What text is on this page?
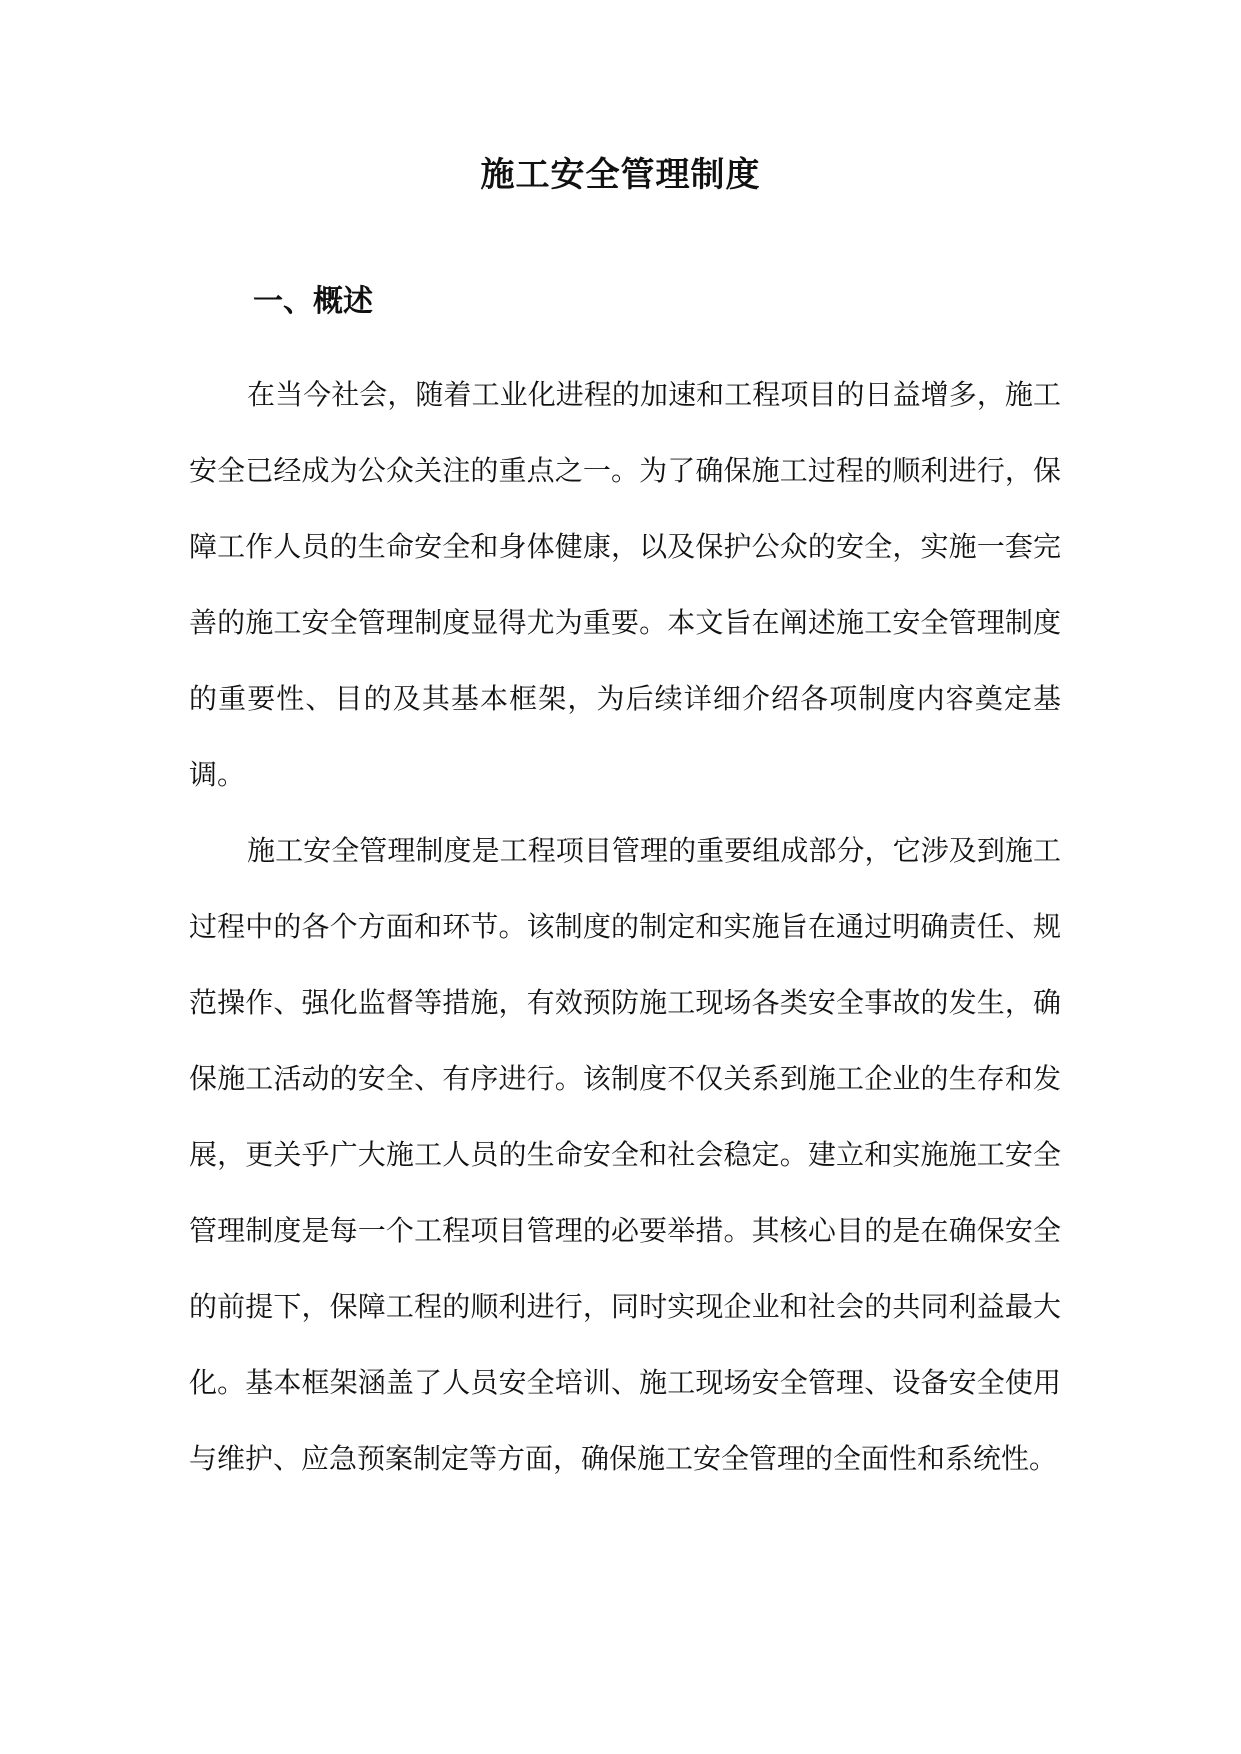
施工安全管理制度
一、概述

在当今社会，随着工业化进程的加速和工程项目的日益增多，施工安全已经成为公众关注的重点之一。为了确保施工过程的顺利进行，保障工作人员的生命安全和身体健康，以及保护公众的安全，实施一套完善的施工安全管理制度显得尤为重要。本文旨在阐述施工安全管理制度的重要性、目的及其基本框架，为后续详细介绍各项制度内容奠定基调。

施工安全管理制度是工程项目管理的重要组成部分，它涉及到施工过程中的各个方面和环节。该制度的制定和实施旨在通过明确责任、规范操作、强化监督等措施，有效预防施工现场各类安全事故的发生，确保施工活动的安全、有序进行。该制度不仅关系到施工企业的生存和发展，更关乎广大施工人员的生命安全和社会稳定。建立和实施施工安全管理制度是每一个工程项目管理的必要举措。其核心目的是在确保安全的前提下，保障工程的顺利进行，同时实现企业和社会的共同利益最大化。基本框架涵盖了人员安全培训、施工现场安全管理、设备安全使用与维护、应急预案制定等方面，确保施工安全管理的全面性和系统性。
